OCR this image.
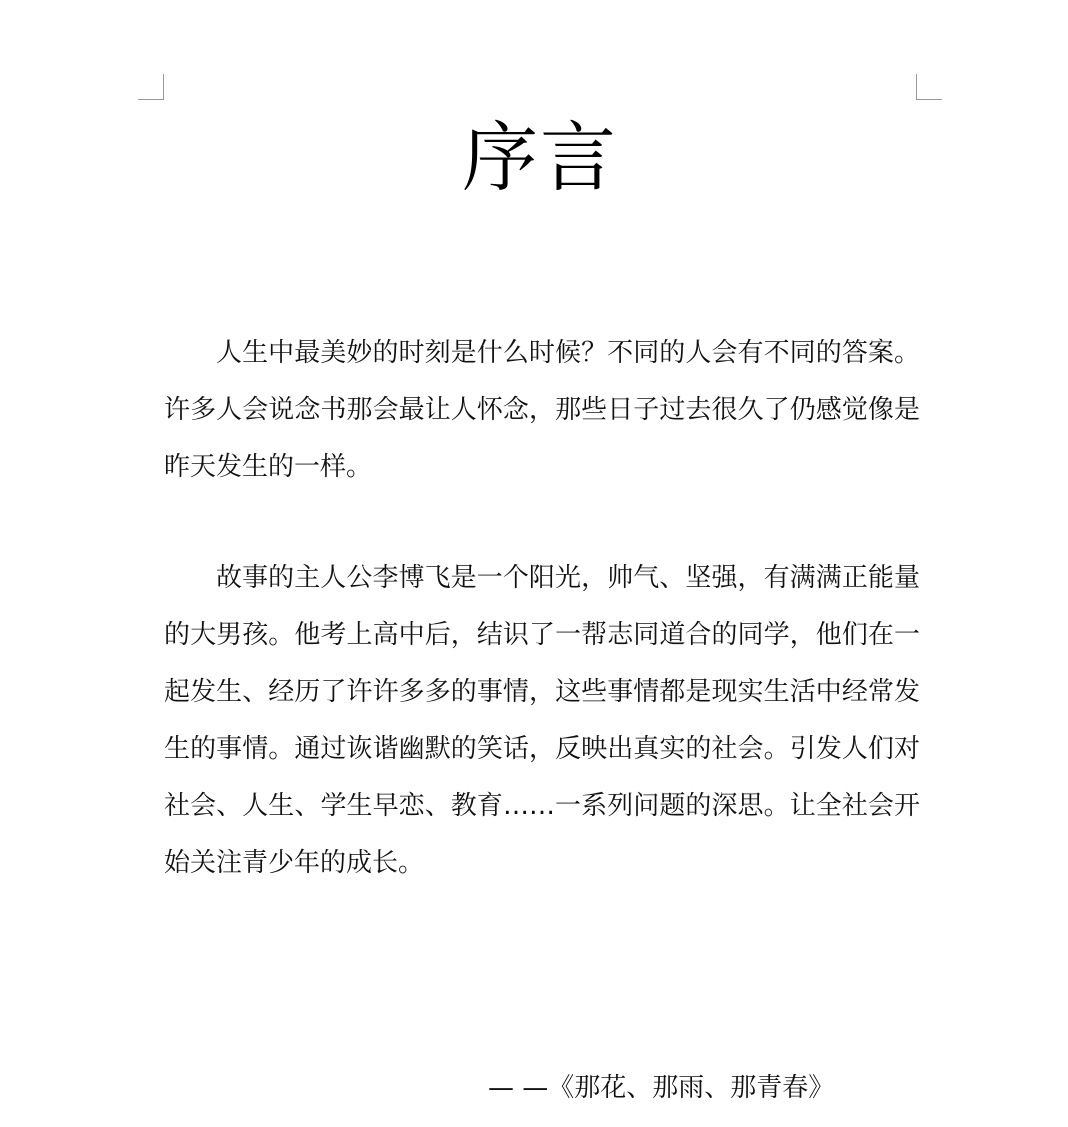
序言

人生中最美妙的时刻是什么时候？不同的人会有不同的答案。许多人会说念书那会最让人怀念，那些日子过去很久了仍感觉像是昨天发生的一样。

故事的主人公李博飞是一个阳光，帅气、坚强，有满满正能量的大男孩。他考上高中后，结识了一帮志同道合的同学，他们在一起发生、经历了许许多多的事情，这些事情都是现实生活中经常发生的事情。通过诙谐幽默的笑话，反映出真实的社会。引发人们对社会、人生、学生早恋、教育……一系列问题的深思。让全社会开始关注青少年的成长。

— —《那花、那雨、那青春》
